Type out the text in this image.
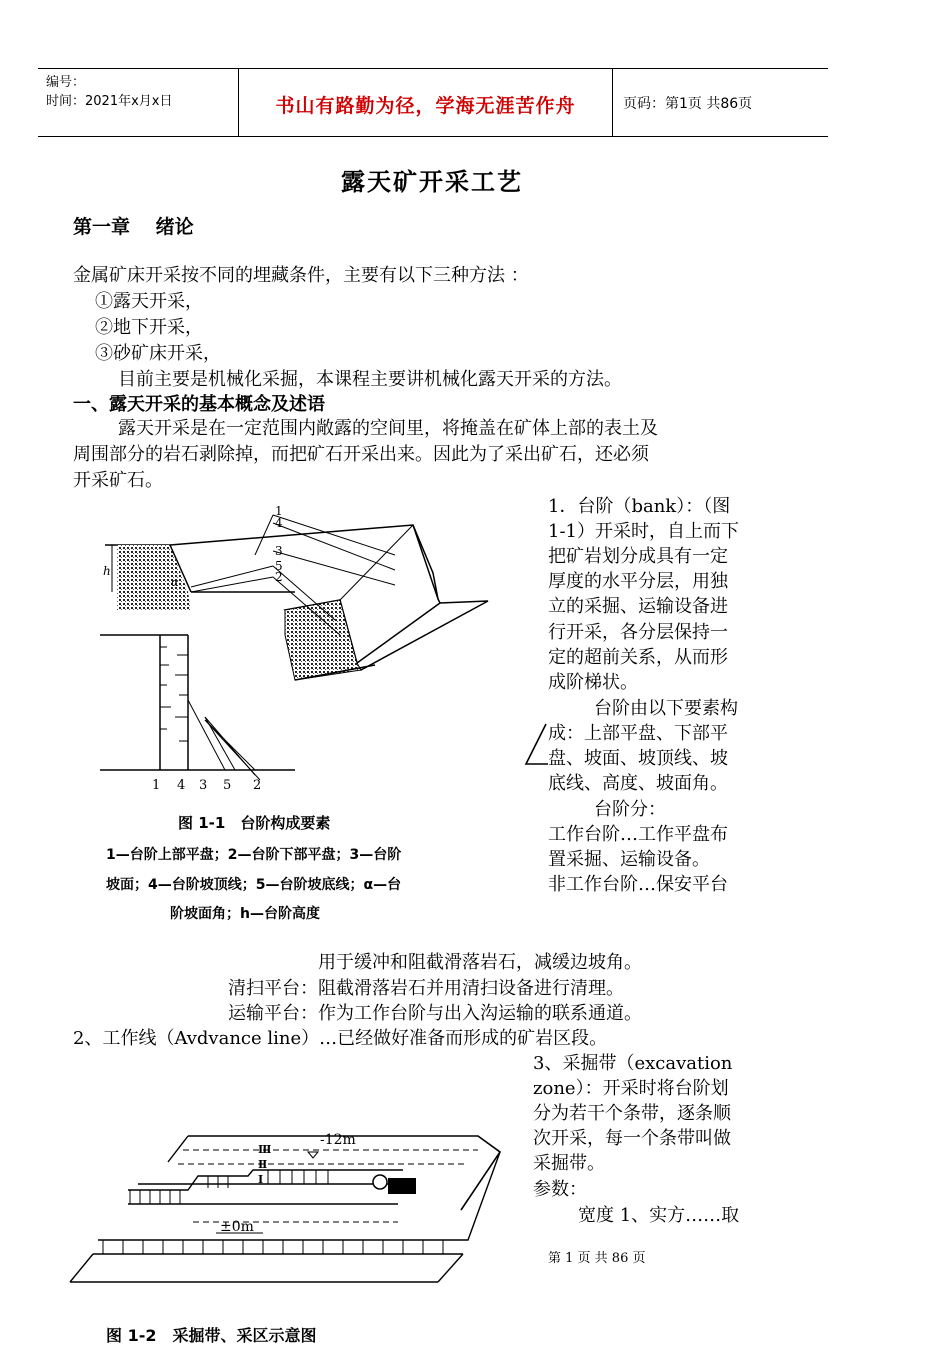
编号：
时间：2021年x月x日	书山有路勤为径，学海无涯苦作舟	页码：第1页 共86页
露天矿开采工艺
第一章　 绪论
金属矿床开采按不同的埋藏条件，主要有以下三种方法 ：
①露天开采，
②地下开采，
③砂矿床开采，
目前主要是机械化采掘，本课程主要讲机械化露天开采的方法。
一、露天开采的基本概念及述语
露天开采是在一定范围内敞露的空间里，将掩盖在矿体上部的表土及
周围部分的岩石剥除掉，而把矿石开采出来。因此为了采出矿石，还必须
开采矿石。
1．台阶（bank）：（图
1-1）开采时，自上而下
把矿岩划分成具有一定
厚度的水平分层，用独
立的采掘、运输设备进
行开采，各分层保持一
定的超前关系，从而形
成阶梯状。
台阶由以下要素构
成：上部平盘、下部平
盘、坡面、坡顶线、坡
底线、高度、坡面角。
台阶分：
工作台阶…工作平盘布
置采掘、运输设备。
非工作台阶…保安平台
h
α
1
4
3
5
2
1 4 3 5 2
图 1-1　台阶构成要素
1—台阶上部平盘；2—台阶下部平盘；3—台阶
坡面；4—台阶坡顶线；5—台阶坡底线；α—台
阶坡面角；h—台阶高度
用于缓冲和阻截滑落岩石，减缓边坡角。
清扫平台：阻截滑落岩石并用清扫设备进行清理。
运输平台：作为工作台阶与出入沟运输的联系通道。
2、工作线（Avdvance line）…已经做好准备而形成的矿岩区段。
3、采掘带（excavation
zone）：开采时将台阶划
分为若干个条带，逐条顺
次开采，每一个条带叫做
采掘带。
参数：
宽度 1、实方……取
-12m
±0m
Ⅲ
Ⅱ
Ⅰ
图 1-2　采掘带、采区示意图
第 1 页 共 86 页
